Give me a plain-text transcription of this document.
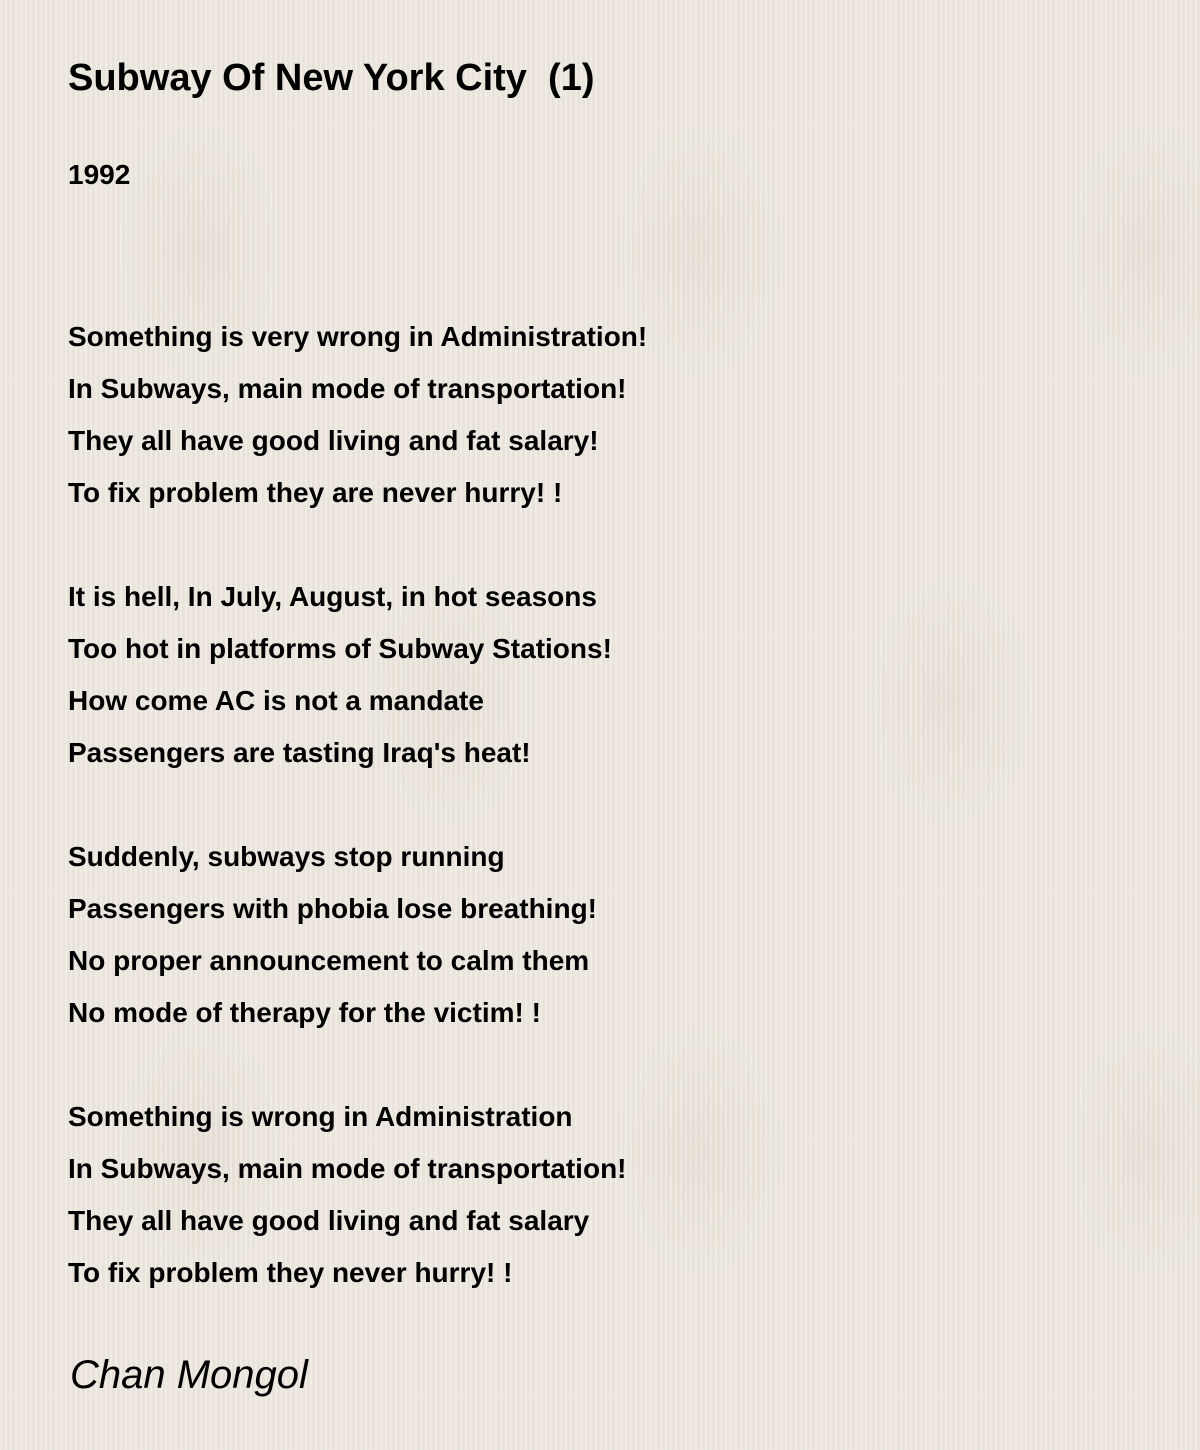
Subway Of New York City  (1)

1992

Something is very wrong in Administration!
In Subways, main mode of transportation!
They all have good living and fat salary!
To fix problem they are never hurry! !
It is hell, In July, August, in hot seasons
Too hot in platforms of Subway Stations!
How come AC is not a mandate
Passengers are tasting Iraq's heat!
Suddenly, subways stop running
Passengers with phobia lose breathing!
No proper announcement to calm them
No mode of therapy for the victim! !
Something is wrong in Administration
In Subways, main mode of transportation!
They all have good living and fat salary
To fix problem they never hurry! !

Chan Mongol
